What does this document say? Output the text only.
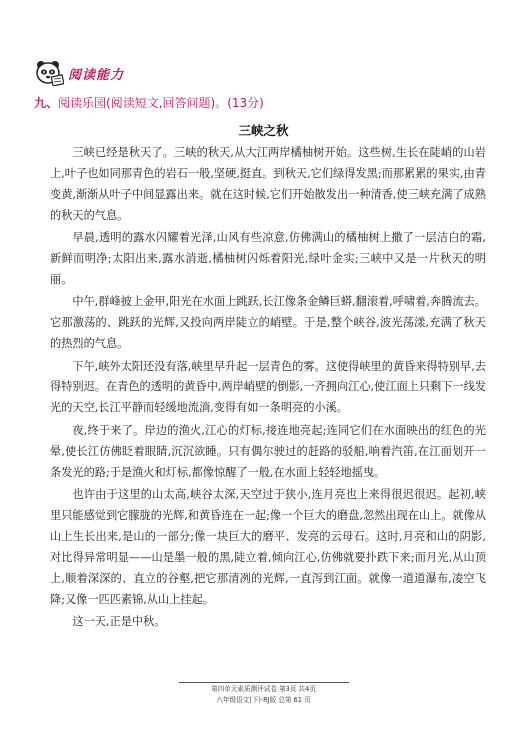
阅读能力
九、阅读乐园(阅读短文,回答问题)。(13分)
三峡之秋

三峡已经是秋天了。三峡的秋天,从大江两岸橘柚树开始。这些树,生长在陡峭的山岩上,叶子也如同那青色的岩石一般,坚硬,挺直。到秋天,它们绿得发黑;而那累累的果实,由青变黄,渐渐从叶子中间显露出来。就在这时候,它们开始散发出一种清香,使三峡充满了成熟的秋天的气息。

早晨,透明的露水闪耀着光泽,山风有些凉意,仿佛满山的橘柚树上撒了一层洁白的霜,新鲜而明净;太阳出来,露水消逝,橘柚树闪烁着阳光,绿叶金实;三峡中又是一片秋天的明丽。

中午,群峰披上金甲,阳光在水面上跳跃,长江像条金鳞巨蟒,翻滚着,呼啸着,奔腾流去。它那激荡的、跳跃的光辉,又投向两岸陡立的峭壁。于是,整个峡谷,波光荡漾,充满了秋天的热烈的气息。

下午,峡外太阳还没有落,峡里早升起一层青色的雾。这使得峡里的黄昏来得特别早,去得特别迟。在青色的透明的黄昏中,两岸峭壁的倒影,一齐拥向江心,使江面上只剩下一线发光的天空,长江平静而轻缓地流淌,变得有如一条明亮的小溪。

夜,终于来了。岸边的渔火,江心的灯标,接连地亮起;连同它们在水面映出的红色的光晕,使长江仿佛眨着眼睛,沉沉欲睡。只有偶尔驶过的赶路的驳船,响着汽笛,在江面划开一条发光的路;于是渔火和灯标,都像惊醒了一般,在水面上轻轻地摇曳。

也许由于这里的山太高,峡谷太深,天空过于狭小,连月亮也上来得很迟很迟。起初,峡里只能感觉到它朦胧的光辉,和黄昏连在一起;像一个巨大的磨盘,忽然出现在山上。就像从山上生长出来,是山的一部分;像一块巨大的磨平、发亮的云母石。这时,月亮和山的阴影,对比得异常明显——山是墨一般的黑,陡立着,倾向江心,仿佛就要扑跌下来;而月光,从山顶上,顺着深深的、直立的谷壑,把它那清冽的光辉,一直泻到江面。就像一道道瀑布,凌空飞降;又像一匹匹素锦,从山上挂起。

这一天,正是中秋。

第四单元素质测评试卷 第3页 共4页
六年级语文(下)·RJ版 总第 61 页
